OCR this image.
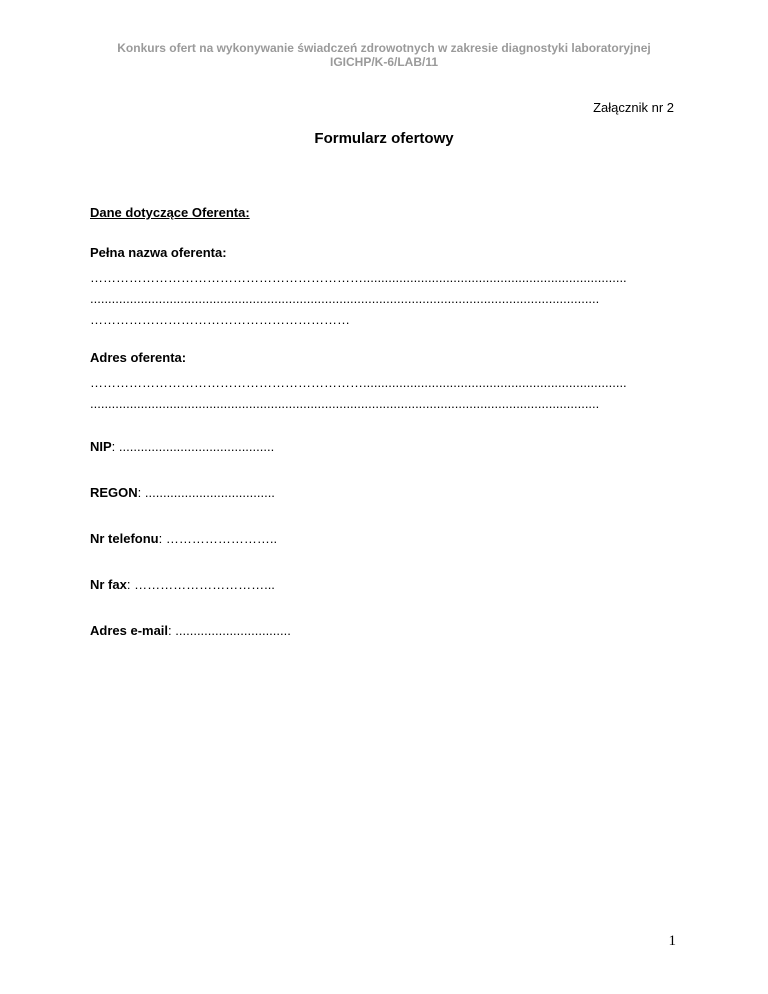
Konkurs ofert na wykonywanie świadczeń zdrowotnych w zakresie diagnostyki laboratoryjnej
IGICHP/K-6/LAB/11
Załącznik nr 2
Formularz ofertowy

Dane dotyczące Oferenta:

Pełna nazwa oferenta:

……………………………………………………….........................................................................

.............................................................................................................................................

……………………………………………………

Adres oferenta:

……………………………………………………….........................................................................

.............................................................................................................................................

NIP: ...........................................

REGON: ....................................

Nr telefonu: ……………………..

Nr fax: …………………………...

Adres e-mail: ................................

1
